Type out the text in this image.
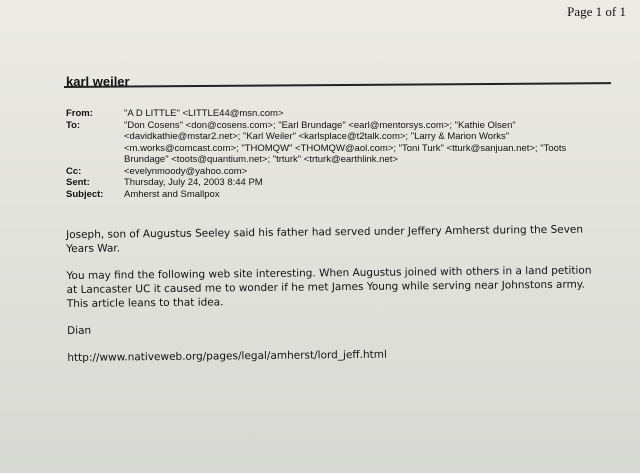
Page 1 of 1
karl weiler
From:	"A D LITTLE" <LITTLE44@msn.com>
To:	"Don Cosens" <don@cosens.com>; "Earl Brundage" <earl@mentorsys.com>; "Kathie Olsen" <davidkathie@mstar2.net>; "Karl Weiler" <karlsplace@t2talk.com>; "Larry & Marion Works" <m.works@comcast.com>; "THOMQW" <THOMQW@aol.com>; "Toni Turk" <tturk@sanjuan.net>; "Toots Brundage" <toots@quantium.net>; "trturk" <trturk@earthlink.net>
Cc:	<evelynmoody@yahoo.com>
Sent:	Thursday, July 24, 2003 8:44 PM
Subject:	Amherst and Smallpox

Joseph, son of Augustus Seeley said his father had served under Jeffery Amherst during the Seven Years War.

You may find the following web site interesting. When Augustus joined with others in a land petition at Lancaster UC it caused me to wonder if he met James Young while serving near Johnstons army. This article leans to that idea.

Dian

http://www.nativeweb.org/pages/legal/amherst/lord_jeff.html
